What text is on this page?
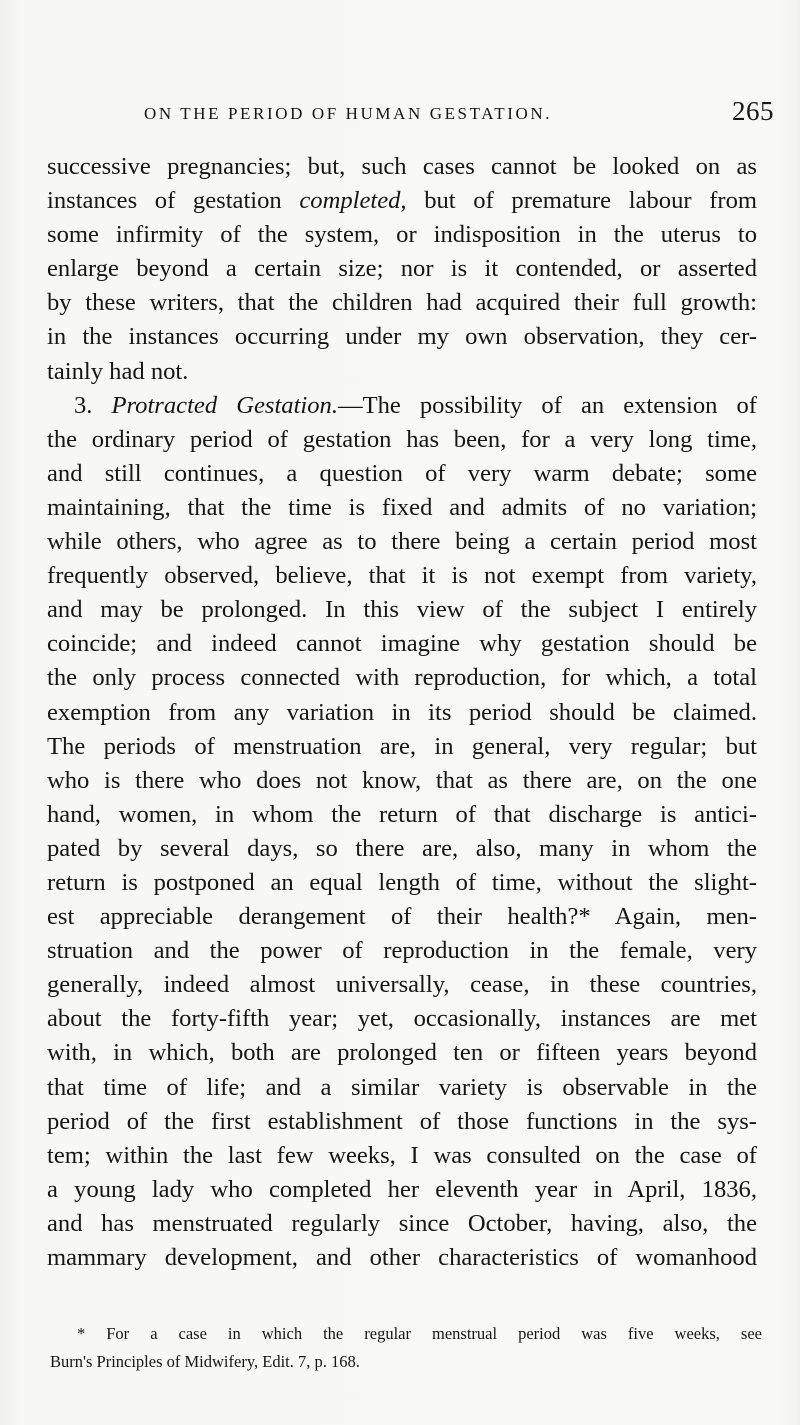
ON THE PERIOD OF HUMAN GESTATION.	265
successive pregnancies; but, such cases cannot be looked on as
instances of gestation completed, but of premature labour from
some infirmity of the system, or indisposition in the uterus to
enlarge beyond a certain size; nor is it contended, or asserted
by these writers, that the children had acquired their full growth:
in the instances occurring under my own observation, they cer-
tainly had not.
3. Protracted Gestation.—The possibility of an extension of
the ordinary period of gestation has been, for a very long time,
and still continues, a question of very warm debate; some
maintaining, that the time is fixed and admits of no variation;
while others, who agree as to there being a certain period most
frequently observed, believe, that it is not exempt from variety,
and may be prolonged. In this view of the subject I entirely
coincide; and indeed cannot imagine why gestation should be
the only process connected with reproduction, for which, a total
exemption from any variation in its period should be claimed.
The periods of menstruation are, in general, very regular; but
who is there who does not know, that as there are, on the one
hand, women, in whom the return of that discharge is antici-
pated by several days, so there are, also, many in whom the
return is postponed an equal length of time, without the slight-
est appreciable derangement of their health?* Again, men-
struation and the power of reproduction in the female, very
generally, indeed almost universally, cease, in these countries,
about the forty-fifth year; yet, occasionally, instances are met
with, in which, both are prolonged ten or fifteen years beyond
that time of life; and a similar variety is observable in the
period of the first establishment of those functions in the sys-
tem; within the last few weeks, I was consulted on the case of
a young lady who completed her eleventh year in April, 1836,
and has menstruated regularly since October, having, also, the
mammary development, and other characteristics of womanhood
* For a case in which the regular menstrual period was five weeks, see
Burn's Principles of Midwifery, Edit. 7, p. 168.
